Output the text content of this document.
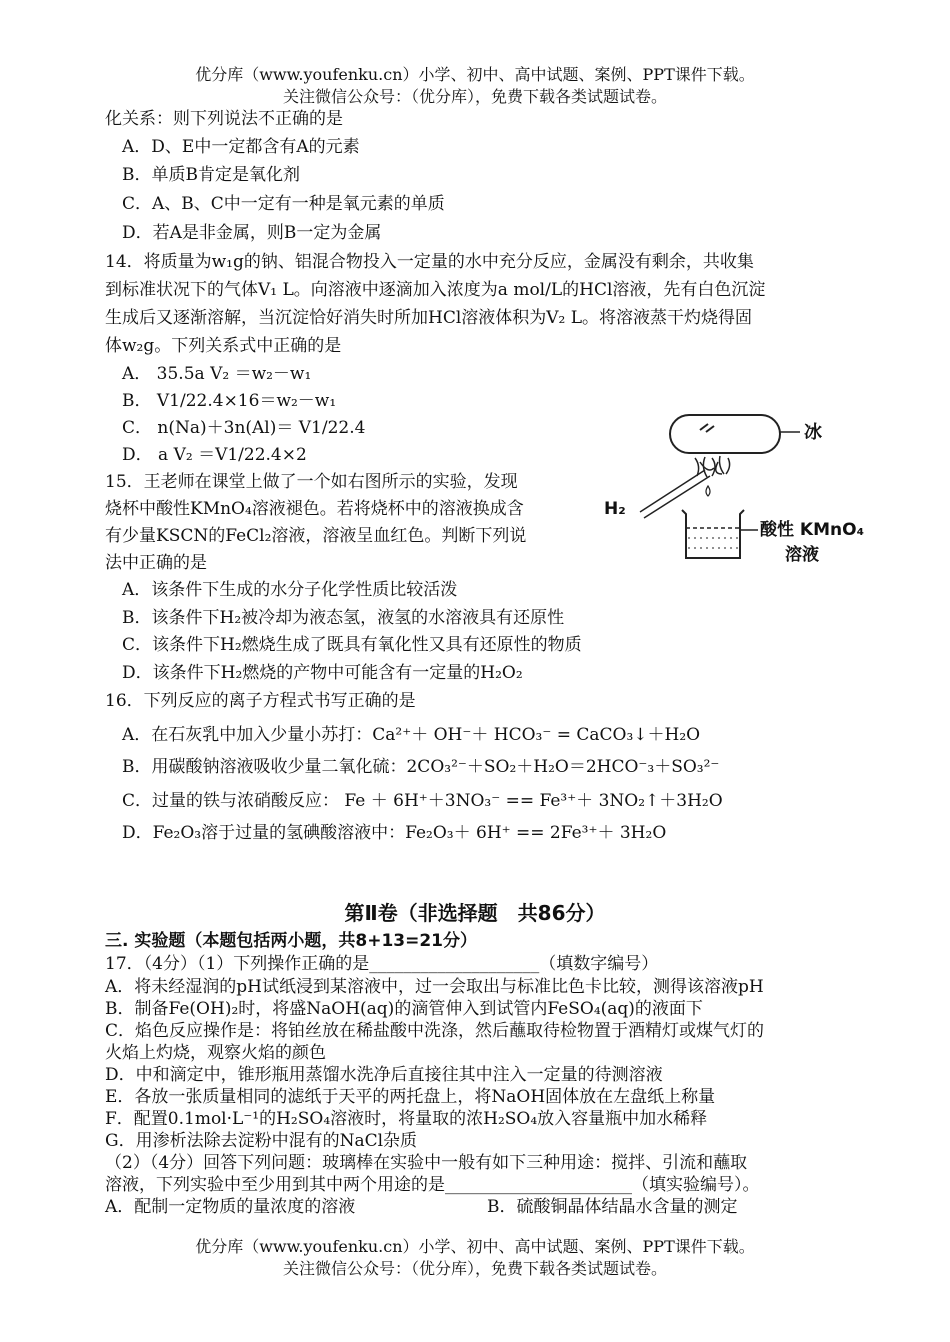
优分库（www.youfenku.cn）小学、初中、高中试题、案例、PPT课件下载。
关注微信公众号：（优分库），免费下载各类试题试卷。
化关系：则下列说法不正确的是
A．D、E中一定都含有A的元素
B．单质B肯定是氧化剂
C．A、B、C中一定有一种是氧元素的单质
D．若A是非金属，则B一定为金属
14．将质量为w₁g的钠、铝混合物投入一定量的水中充分反应，金属没有剩余，共收集
到标准状况下的气体V₁ L。向溶液中逐滴加入浓度为a mol/L的HCl溶液，先有白色沉淀
生成后又逐渐溶解，当沉淀恰好消失时所加HCl溶液体积为V₂ L。将溶液蒸干灼烧得固
体w₂g。下列关系式中正确的是
A． 35.5a V₂ ＝w₂－w₁
B． V1/22.4×16＝w₂－w₁
C． n(Na)＋3n(Al)＝ V1/22.4
D． a V₂ ＝V1/22.4×2
15．王老师在课堂上做了一个如右图所示的实验，发现
烧杯中酸性KMnO₄溶液褪色。若将烧杯中的溶液换成含
有少量KSCN的FeCl₂溶液，溶液呈血红色。判断下列说
法中正确的是
A．该条件下生成的水分子化学性质比较活泼
B．该条件下H₂被冷却为液态氢，液氢的水溶液具有还原性
C．该条件下H₂燃烧生成了既具有氧化性又具有还原性的物质
D．该条件下H₂燃烧的产物中可能含有一定量的H₂O₂
冰
H₂
酸性 KMnO₄
溶液
16．下列反应的离子方程式书写正确的是
A．在石灰乳中加入少量小苏打：Ca²⁺＋ OH⁻＋ HCO₃⁻ = CaCO₃↓＋H₂O
B．用碳酸钠溶液吸收少量二氧化硫：2CO₃²⁻＋SO₂＋H₂O＝2HCO⁻₃＋SO₃²⁻
C．过量的铁与浓硝酸反应： Fe ＋ 6H⁺＋3NO₃⁻ == Fe³⁺＋ 3NO₂↑＋3H₂O
D．Fe₂O₃溶于过量的氢碘酸溶液中：Fe₂O₃＋ 6H⁺ == 2Fe³⁺＋ 3H₂O
第Ⅱ卷（非选择题　共86分）
三. 实验题（本题包括两小题，共8+13=21分）
17．（4分）（1）下列操作正确的是____________________（填数字编号）
A．将未经湿润的pH试纸浸到某溶液中，过一会取出与标准比色卡比较，测得该溶液pH
B．制备Fe(OH)₂时，将盛NaOH(aq)的滴管伸入到试管内FeSO₄(aq)的液面下
C．焰色反应操作是：将铂丝放在稀盐酸中洗涤，然后蘸取待检物置于酒精灯或煤气灯的
火焰上灼烧，观察火焰的颜色
D．中和滴定中，锥形瓶用蒸馏水洗净后直接往其中注入一定量的待测溶液
E．各放一张质量相同的滤纸于天平的两托盘上，将NaOH固体放在左盘纸上称量
F．配置0.1mol·L⁻¹的H₂SO₄溶液时，将量取的浓H₂SO₄放入容量瓶中加水稀释
G．用渗析法除去淀粉中混有的NaCl杂质
（2）（4分）回答下列问题：玻璃棒在实验中一般有如下三种用途：搅拌、引流和蘸取
溶液，下列实验中至少用到其中两个用途的是______________________（填实验编号）。
A．配制一定物质的量浓度的溶液	B．硫酸铜晶体结晶水含量的测定
优分库（www.youfenku.cn）小学、初中、高中试题、案例、PPT课件下载。
关注微信公众号：（优分库），免费下载各类试题试卷。
